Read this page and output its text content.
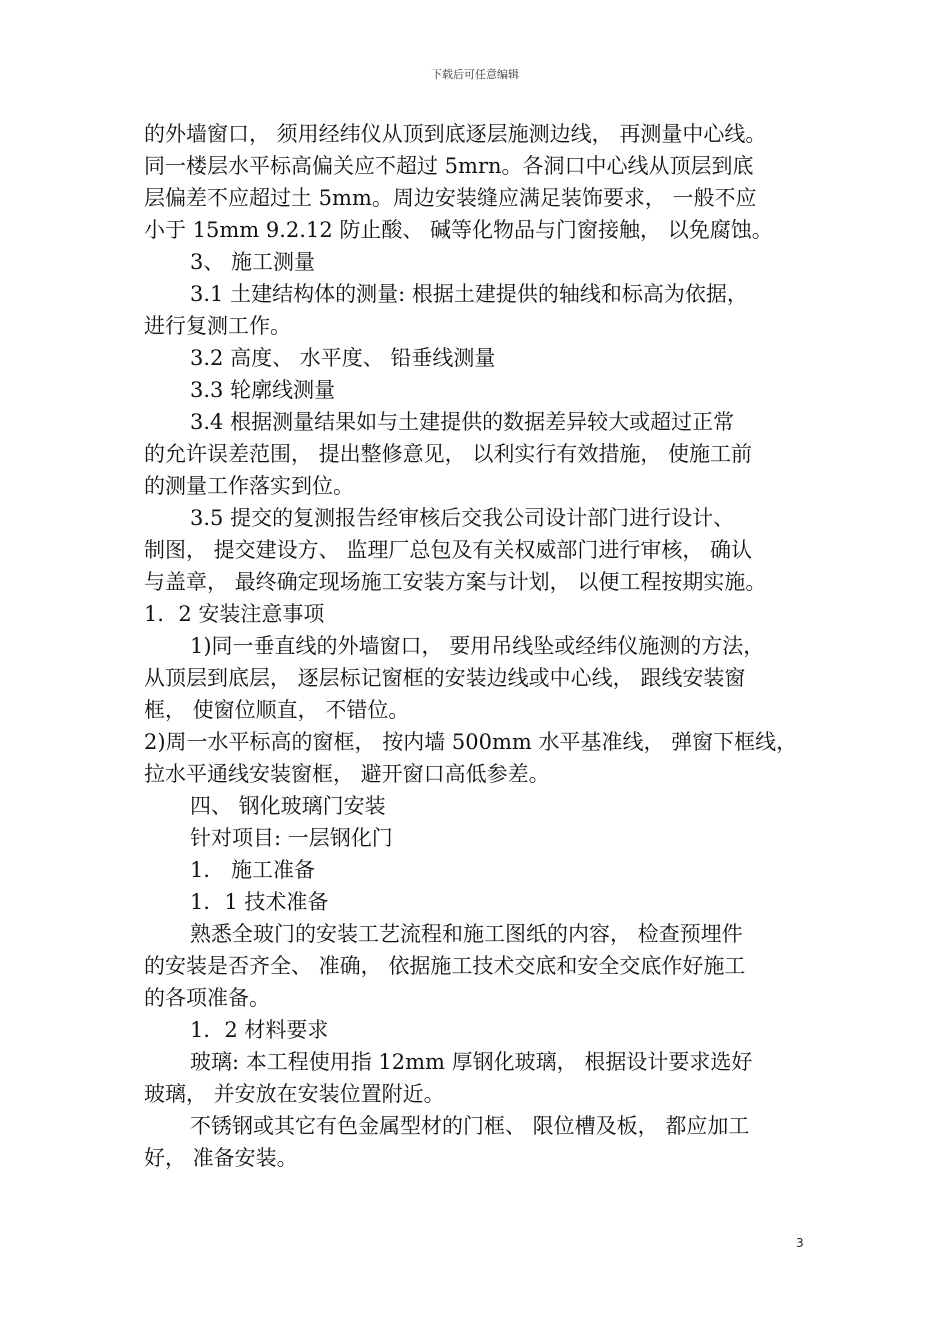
下载后可任意编辑
的外墙窗口， 须用经纬仪从顶到底逐层施测边线， 再测量中心线。
同一楼层水平标高偏关应不超过 5mrn。各洞口中心线从顶层到底
层偏差不应超过土 5mm。周边安装缝应满足装饰要求， 一般不应
小于 15mm 9.2.12 防止酸、 碱等化物品与门窗接触， 以免腐蚀。
3、 施工测量
3.1 土建结构体的测量: 根据土建提供的轴线和标高为依据，
进行复测工作。
3.2 高度、 水平度、 铅垂线测量
3.3 轮廓线测量
3.4 根据测量结果如与土建提供的数据差异较大或超过正常
的允许误差范围， 提出整修意见， 以利实行有效措施， 使施工前
的测量工作落实到位。
3.5 提交的复测报告经审核后交我公司设计部门进行设计、
制图， 提交建设方、 监理厂总包及有关权威部门进行审核， 确认
与盖章， 最终确定现场施工安装方案与计划， 以便工程按期实施。
1．2 安装注意事项
1)同一垂直线的外墙窗口， 要用吊线坠或经纬仪施测的方法，
从顶层到底层， 逐层标记窗框的安装边线或中心线， 跟线安装窗
框， 使窗位顺直， 不错位。
2)周一水平标高的窗框， 按内墙 500mm 水平基准线， 弹窗下框线，
拉水平通线安装窗框， 避开窗口高低参差。
四、 钢化玻璃门安装
针对项目: 一层钢化门
1． 施工准备
1．1 技术准备
熟悉全玻门的安装工艺流程和施工图纸的内容， 检查预埋件
的安装是否齐全、 准确， 依据施工技术交底和安全交底作好施工
的各项准备。
1．2 材料要求
玻璃: 本工程使用指 12mm 厚钢化玻璃， 根据设计要求选好
玻璃， 并安放在安装位置附近。
不锈钢或其它有色金属型材的门框、 限位槽及板， 都应加工
好， 准备安装。
3
